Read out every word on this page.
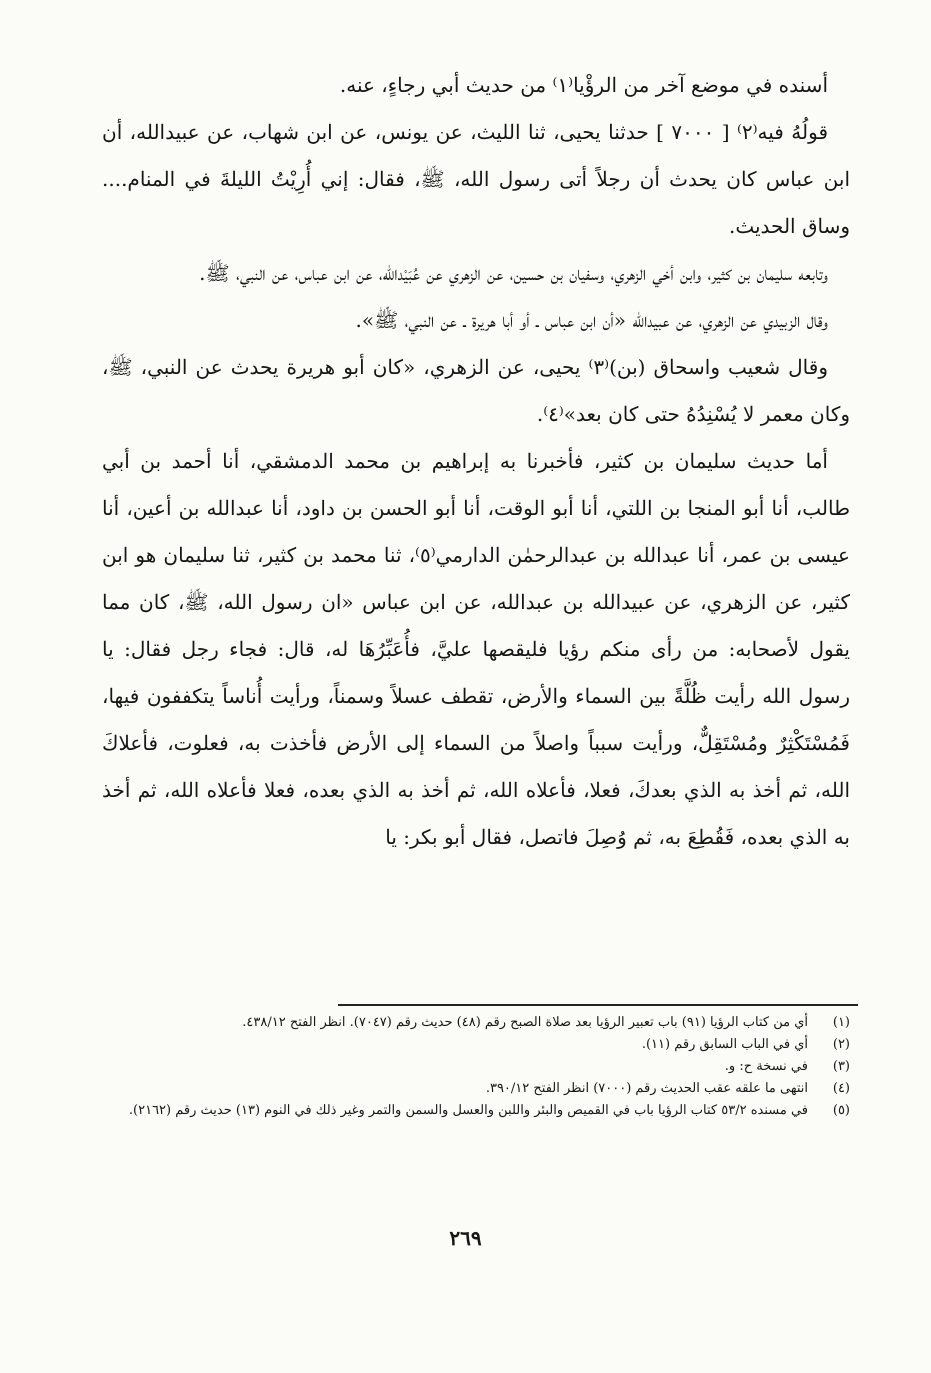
أسنده في موضع آخر من الرؤْيا⁽١⁾ من حديث أبي رجاءٍ، عنه.

قولُهُ فيه⁽٢⁾ [ ٧٠٠٠ ] حدثنا يحيى، ثنا الليث، عن يونس، عن ابن شهاب، عن عبيدالله، أن ابن عباس كان يحدث أن رجلاً أتى رسول الله، ﷺ، فقال: إني أُرِيْتُ الليلةَ في المنام.... وساق الحديث.

وتابعه سليمان بن كثير، وابن أخي الزهري، وسفيان بن حسين، عن الزهري عن عُبَيْدالله، عن ابن عباس، عن النبي، ﷺ.

وقال الزبيدي عن الزهري، عن عبيدالله «أن ابن عباس ـ أو أبا هريرة ـ عن النبي، ﷺ».

وقال شعيب واسحاق (بن)⁽٣⁾ يحيى، عن الزهري، «كان أبو هريرة يحدث عن النبي، ﷺ، وكان معمر لا يُسْنِدُهُ حتى كان بعد»⁽٤⁾.

أما حديث سليمان بن كثير، فأخبرنا به إبراهيم بن محمد الدمشقي، أنا أحمد بن أبي طالب، أنا أبو المنجا بن اللتي، أنا أبو الوقت، أنا أبو الحسن بن داود، أنا عبدالله بن أعين، أنا عيسى بن عمر، أنا عبدالله بن عبدالرحمٰن الدارمي⁽٥⁾، ثنا محمد بن كثير، ثنا سليمان هو ابن كثير، عن الزهري، عن عبيدالله بن عبدالله، عن ابن عباس «ان رسول الله، ﷺ، كان مما يقول لأصحابه: من رأى منكم رؤيا فليقصها عليَّ، فأُعَبِّرُهَا له، قال: فجاء رجل فقال: يا رسول الله رأيت ظُلَّةً بين السماء والأرض، تقطف عسلاً وسمناً، ورأيت أُناساً يتكففون فيها، فَمُسْتَكْثِرٌ ومُسْتَقِلٌّ، ورأيت سبباً واصلاً من السماء إلى الأرض فأخذت به، فعلوت، فأعلاكَ الله، ثم أخذ به الذي بعدكَ، فعلا، فأعلاه الله، ثم أخذ به الذي بعده، فعلا فأعلاه الله، ثم أخذ به الذي بعده، فَقُطِعَ به، ثم وُصِلَ فاتصل، فقال أبو بكر: يا

(١)
أي من كتاب الرؤيا (٩١) باب تعبير الرؤيا بعد صلاة الصبح رقم (٤٨) حديث رقم (٧٠٤٧). انظر الفتح ٤٣٨/١٢.
(٢)
أي في الباب السابق رقم (١١).
(٣)
في نسخة ح: و.
(٤)
انتهى ما علقه عقب الحديث رقم (٧٠٠٠) انظر الفتح ٣٩٠/١٢.
(٥)
في مسنده ٥٣/٢ كتاب الرؤيا باب في القميص والبئر واللبن والعسل والسمن والتمر وغير ذلك في النوم (١٣) حديث رقم (٢١٦٢).
٢٦٩
